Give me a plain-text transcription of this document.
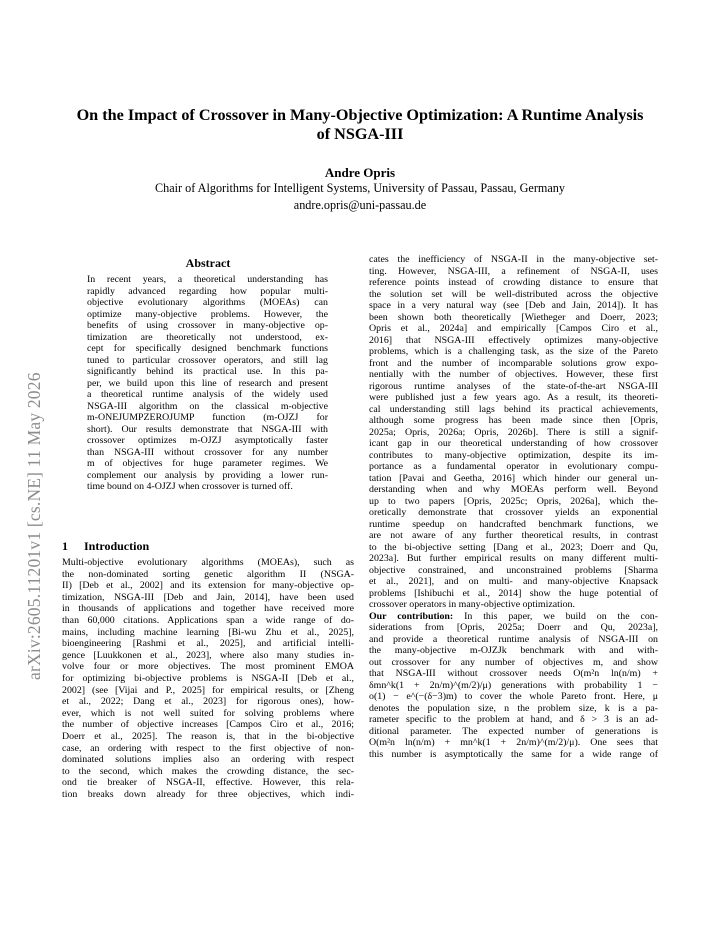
On the Impact of Crossover in Many-Objective Optimization: A Runtime Analysis
of NSGA-III
Andre Opris
Chair of Algorithms for Intelligent Systems, University of Passau, Passau, Germany
andre.opris@uni-passau.de
arXiv:2605.11201v1 [cs.NE] 11 May 2026
Abstract
In recent years, a theoretical understanding has
rapidly advanced regarding how popular multi-
objective evolutionary algorithms (MOEAs) can
optimize many-objective problems. However, the
benefits of using crossover in many-objective op-
timization are theoretically not understood, ex-
cept for specifically designed benchmark functions
tuned to particular crossover operators, and still lag
significantly behind its practical use. In this pa-
per, we build upon this line of research and present
a theoretical runtime analysis of the widely used
NSGA-III algorithm on the classical m-objective
m-ONEJUMPZEROJUMP function (m-OJZJ for
short). Our results demonstrate that NSGA-III with
crossover optimizes m-OJZJ asymptotically faster
than NSGA-III without crossover for any number
m of objectives for huge parameter regimes. We
complement our analysis by providing a lower run-
time bound on 4-OJZJ when crossover is turned off.
1 Introduction
Multi-objective evolutionary algorithms (MOEAs), such as
the non-dominated sorting genetic algorithm II (NSGA-
II) [Deb et al., 2002] and its extension for many-objective op-
timization, NSGA-III [Deb and Jain, 2014], have been used
in thousands of applications and together have received more
than 60,000 citations. Applications span a wide range of do-
mains, including machine learning [Bi-wu Zhu et al., 2025],
bioengineering [Rashmi et al., 2025], and artificial intelli-
gence [Luukkonen et al., 2023], where also many studies in-
volve four or more objectives. The most prominent EMOA
for optimizing bi-objective problems is NSGA-II [Deb et al.,
2002] (see [Vijai and P., 2025] for empirical results, or [Zheng
et al., 2022; Dang et al., 2023] for rigorous ones), how-
ever, which is not well suited for solving problems where
the number of objective increases [Campos Ciro et al., 2016;
Doerr et al., 2025]. The reason is, that in the bi-objective
case, an ordering with respect to the first objective of non-
dominated solutions implies also an ordering with respect
to the second, which makes the crowding distance, the sec-
ond tie breaker of NSGA-II, effective. However, this rela-
tion breaks down already for three objectives, which indi-
cates the inefficiency of NSGA-II in the many-objective set-
ting. However, NSGA-III, a refinement of NSGA-II, uses
reference points instead of crowding distance to ensure that
the solution set will be well-distributed across the objective
space in a very natural way (see [Deb and Jain, 2014]). It has
been shown both theoretically [Wietheger and Doerr, 2023;
Opris et al., 2024a] and empirically [Campos Ciro et al.,
2016] that NSGA-III effectively optimizes many-objective
problems, which is a challenging task, as the size of the Pareto
front and the number of incomparable solutions grow expo-
nentially with the number of objectives. However, these first
rigorous runtime analyses of the state-of-the-art NSGA-III
were published just a few years ago. As a result, its theoreti-
cal understanding still lags behind its practical achievements,
although some progress has been made since then [Opris,
2025a; Opris, 2026a; Opris, 2026b]. There is still a signif-
icant gap in our theoretical understanding of how crossover
contributes to many-objective optimization, despite its im-
portance as a fundamental operator in evolutionary compu-
tation [Pavai and Geetha, 2016] which hinder our general un-
derstanding when and why MOEAs perform well. Beyond
up to two papers [Opris, 2025c; Opris, 2026a], which the-
oretically demonstrate that crossover yields an exponential
runtime speedup on handcrafted benchmark functions, we
are not aware of any further theoretical results, in contrast
to the bi-objective setting [Dang et al., 2023; Doerr and Qu,
2023a]. But further empirical results on many different multi-
objective constrained, and unconstrained problems [Sharma
et al., 2021], and on multi- and many-objective Knapsack
problems [Ishibuchi et al., 2014] show the huge potential of
crossover operators in many-objective optimization.
Our contribution: In this paper, we build on the con-
siderations from [Opris, 2025a; Doerr and Qu, 2023a],
and provide a theoretical runtime analysis of NSGA-III on
the many-objective m-OJZJk benchmark with and with-
out crossover for any number of objectives m, and show
that NSGA-III without crossover needs O(m²n ln(n/m) +
δmn^k(1 + 2n/m)^(m/2)/μ) generations with probability 1 −
o(1) − e^(−(δ−3)m) to cover the whole Pareto front. Here, μ
denotes the population size, n the problem size, k is a pa-
rameter specific to the problem at hand, and δ > 3 is an ad-
ditional parameter. The expected number of generations is
O(m²n ln(n/m) + mn^k(1 + 2n/m)^(m/2)/μ). One sees that
this number is asymptotically the same for a wide range of
